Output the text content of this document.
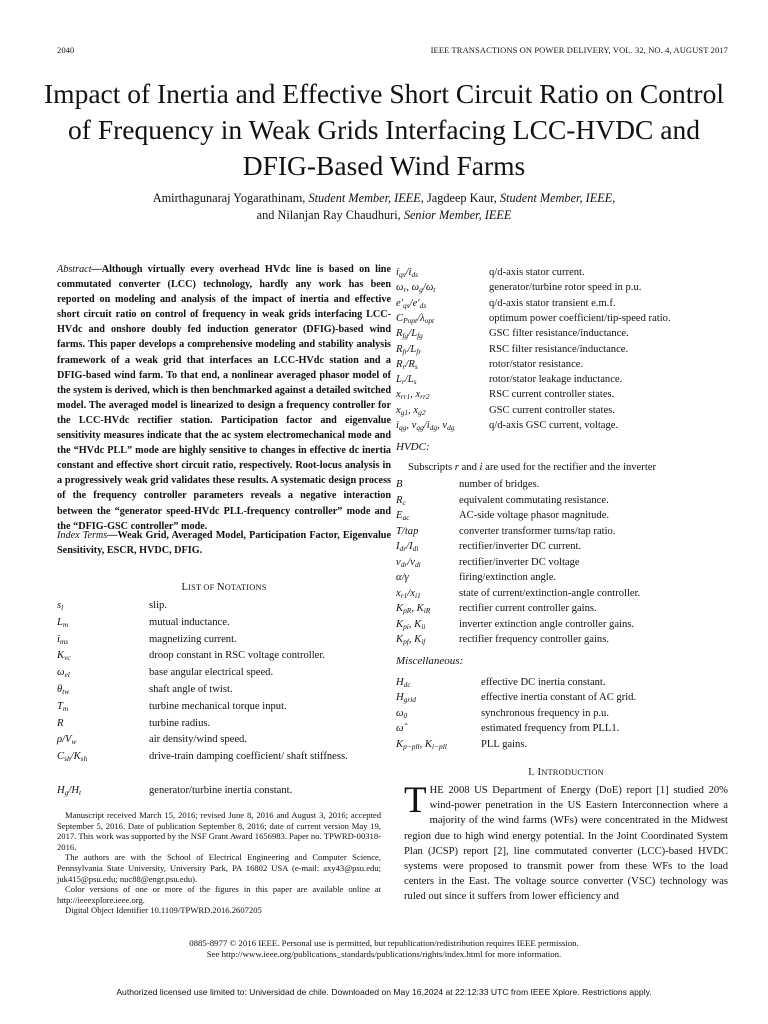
2040	IEEE TRANSACTIONS ON POWER DELIVERY, VOL. 32, NO. 4, AUGUST 2017
Impact of Inertia and Effective Short Circuit Ratio on Control of Frequency in Weak Grids Interfacing LCC-HVDC and DFIG-Based Wind Farms
Amirthagunaraj Yogarathinam, Student Member, IEEE, Jagdeep Kaur, Student Member, IEEE,
and Nilanjan Ray Chaudhuri, Senior Member, IEEE
Abstract—Although virtually every overhead HVdc line is based on line commutated converter (LCC) technology, hardly any work has been reported on modeling and analysis of the impact of inertia and effective short circuit ratio on control of frequency in weak grids interfacing LCC-HVdc and onshore doubly fed induction generator (DFIG)-based wind farms. This paper develops a comprehensive modeling and stability analysis framework of a weak grid that interfaces an LCC-HVdc station and a DFIG-based wind farm. To that end, a nonlinear averaged phasor model of the system is derived, which is then benchmarked against a detailed switched model. The averaged model is linearized to design a frequency controller for the LCC-HVdc rectifier station. Participation factor and eigenvalue sensitivity measures indicate that the ac system electromechanical mode and the “HVdc PLL” mode are highly sensitive to changes in effective dc inertia constant and effective short circuit ratio, respectively. Root-locus analysis in a progressively weak grid validates these results. A systematic design process of the frequency controller parameters reveals a negative interaction between the “generator speed-HVdc PLL-frequency controller” mode and the “DFIG-GSC controller” mode.
Index Terms—Weak Grid, Averaged Model, Participation Factor, Eigenvalue Sensitivity, ESCR, HVDC, DFIG.
LIST OF NOTATIONS
$s_l$	slip.
$L_m$	mutual inductance.
$i_{ms}$	magnetizing current.
$K_{vc}$	droop constant in RSC voltage controller.
$\omega_{el}$	base angular electrical speed.
$\theta_{tw}$	shaft angle of twist.
$T_m$	turbine mechanical torque input.
R	turbine radius.
$\rho/V_w$	air density/wind speed.
$C_{sh}/K_{sh}$	drive-train damping coefficient/ shaft stiffness.
$H_g/H_t$	generator/turbine inertia constant.
$i_{qs}/i_{ds}$	q/d-axis stator current.
$\omega_r$, $\omega_g/\omega_t$	generator/turbine rotor speed in p.u.
$e'_{qs}/e'_{ds}$	q/d-axis stator transient e.m.f.
$C_{Popt}/\lambda_{opt}$	optimum power coefficient/tip-speed ratio.
$R_{fg}/L_{fg}$	GSC filter resistance/inductance.
$R_{fr}/L_{fr}$	RSC filter resistance/inductance.
$R_r/R_s$	rotor/stator resistance.
$L_r/L_s$	rotor/stator leakage inductance.
$x_{rr1}$, $x_{rr2}$	RSC current controller states.
$x_{g1}$, $x_{g2}$	GSC current controller states.
$i_{qg}$, $v_{qg}/i_{dg}$, $v_{dg}$	q/d-axis GSC current, voltage.
HVDC:
Subscripts r and i are used for the rectifier and the inverter
B	number of bridges.
$R_c$	equivalent commutating resistance.
$E_{ac}$	AC-side voltage phasor magnitude.
T/tap	converter transformer turns/tap ratio.
$I_{dr}/I_{di}$	rectifier/inverter DC current.
$v_{dr}/v_{di}$	rectifier/inverter DC voltage
α/γ	firing/extinction angle.
$x_{r1}/x_{i1}$	state of current/extinction-angle controller.
$K_{pR}$, $K_{iR}$	rectifier current controller gains.
$K_{pi}$, $K_{ii}$	inverter extinction angle controller gains.
$K_{pf}$, $K_{if}$	rectifier frequency controller gains.
Miscellaneous:
$H_{dc}$	effective DC inertia constant.
$H_{grid}$	effective inertia constant of AC grid.
$\omega_0$	synchronous frequency in p.u.
ω̂	estimated frequency from PLL1.
$K_{p-pll}$, $K_{i-pll}$	PLL gains.

Manuscript received March 15, 2016; revised June 8, 2016 and August 3, 2016; accepted September 5, 2016. Date of publication September 8, 2016; date of current version May 19, 2017. This work was supported by the NSF Grant Award 1656983. Paper no. TPWRD-00318-2016.

The authors are with the School of Electrical Engineering and Computer Science, Pennsylvania State University, University Park, PA 16802 USA (e-mail: axy43@psu.edu; juk415@psu.edu; nuc88@engr.psu.edu).

Color versions of one or more of the figures in this paper are available online at http://ieeexplore.ieee.org.

Digital Object Identifier 10.1109/TPWRD.2016.2607205

I. INTRODUCTION
THE 2008 US Department of Energy (DoE) report [1] studied 20% wind-power penetration in the US Eastern Interconnection where a majority of the wind farms (WFs) were concentrated in the Midwest region due to high wind energy potential. In the Joint Coordinated System Plan (JCSP) report [2], line commutated converter (LCC)-based HVDC systems were proposed to transmit power from these WFs to the load centers in the East. The voltage source converter (VSC) technology was ruled out since it suffers from lower efficiency and
0885-8977 © 2016 IEEE. Personal use is permitted, but republication/redistribution requires IEEE permission.
See http://www.ieee.org/publications_standards/publications/rights/index.html for more information.
Authorized licensed use limited to: Universidad de chile. Downloaded on May 16,2024 at 22:12:33 UTC from IEEE Xplore. Restrictions apply.
